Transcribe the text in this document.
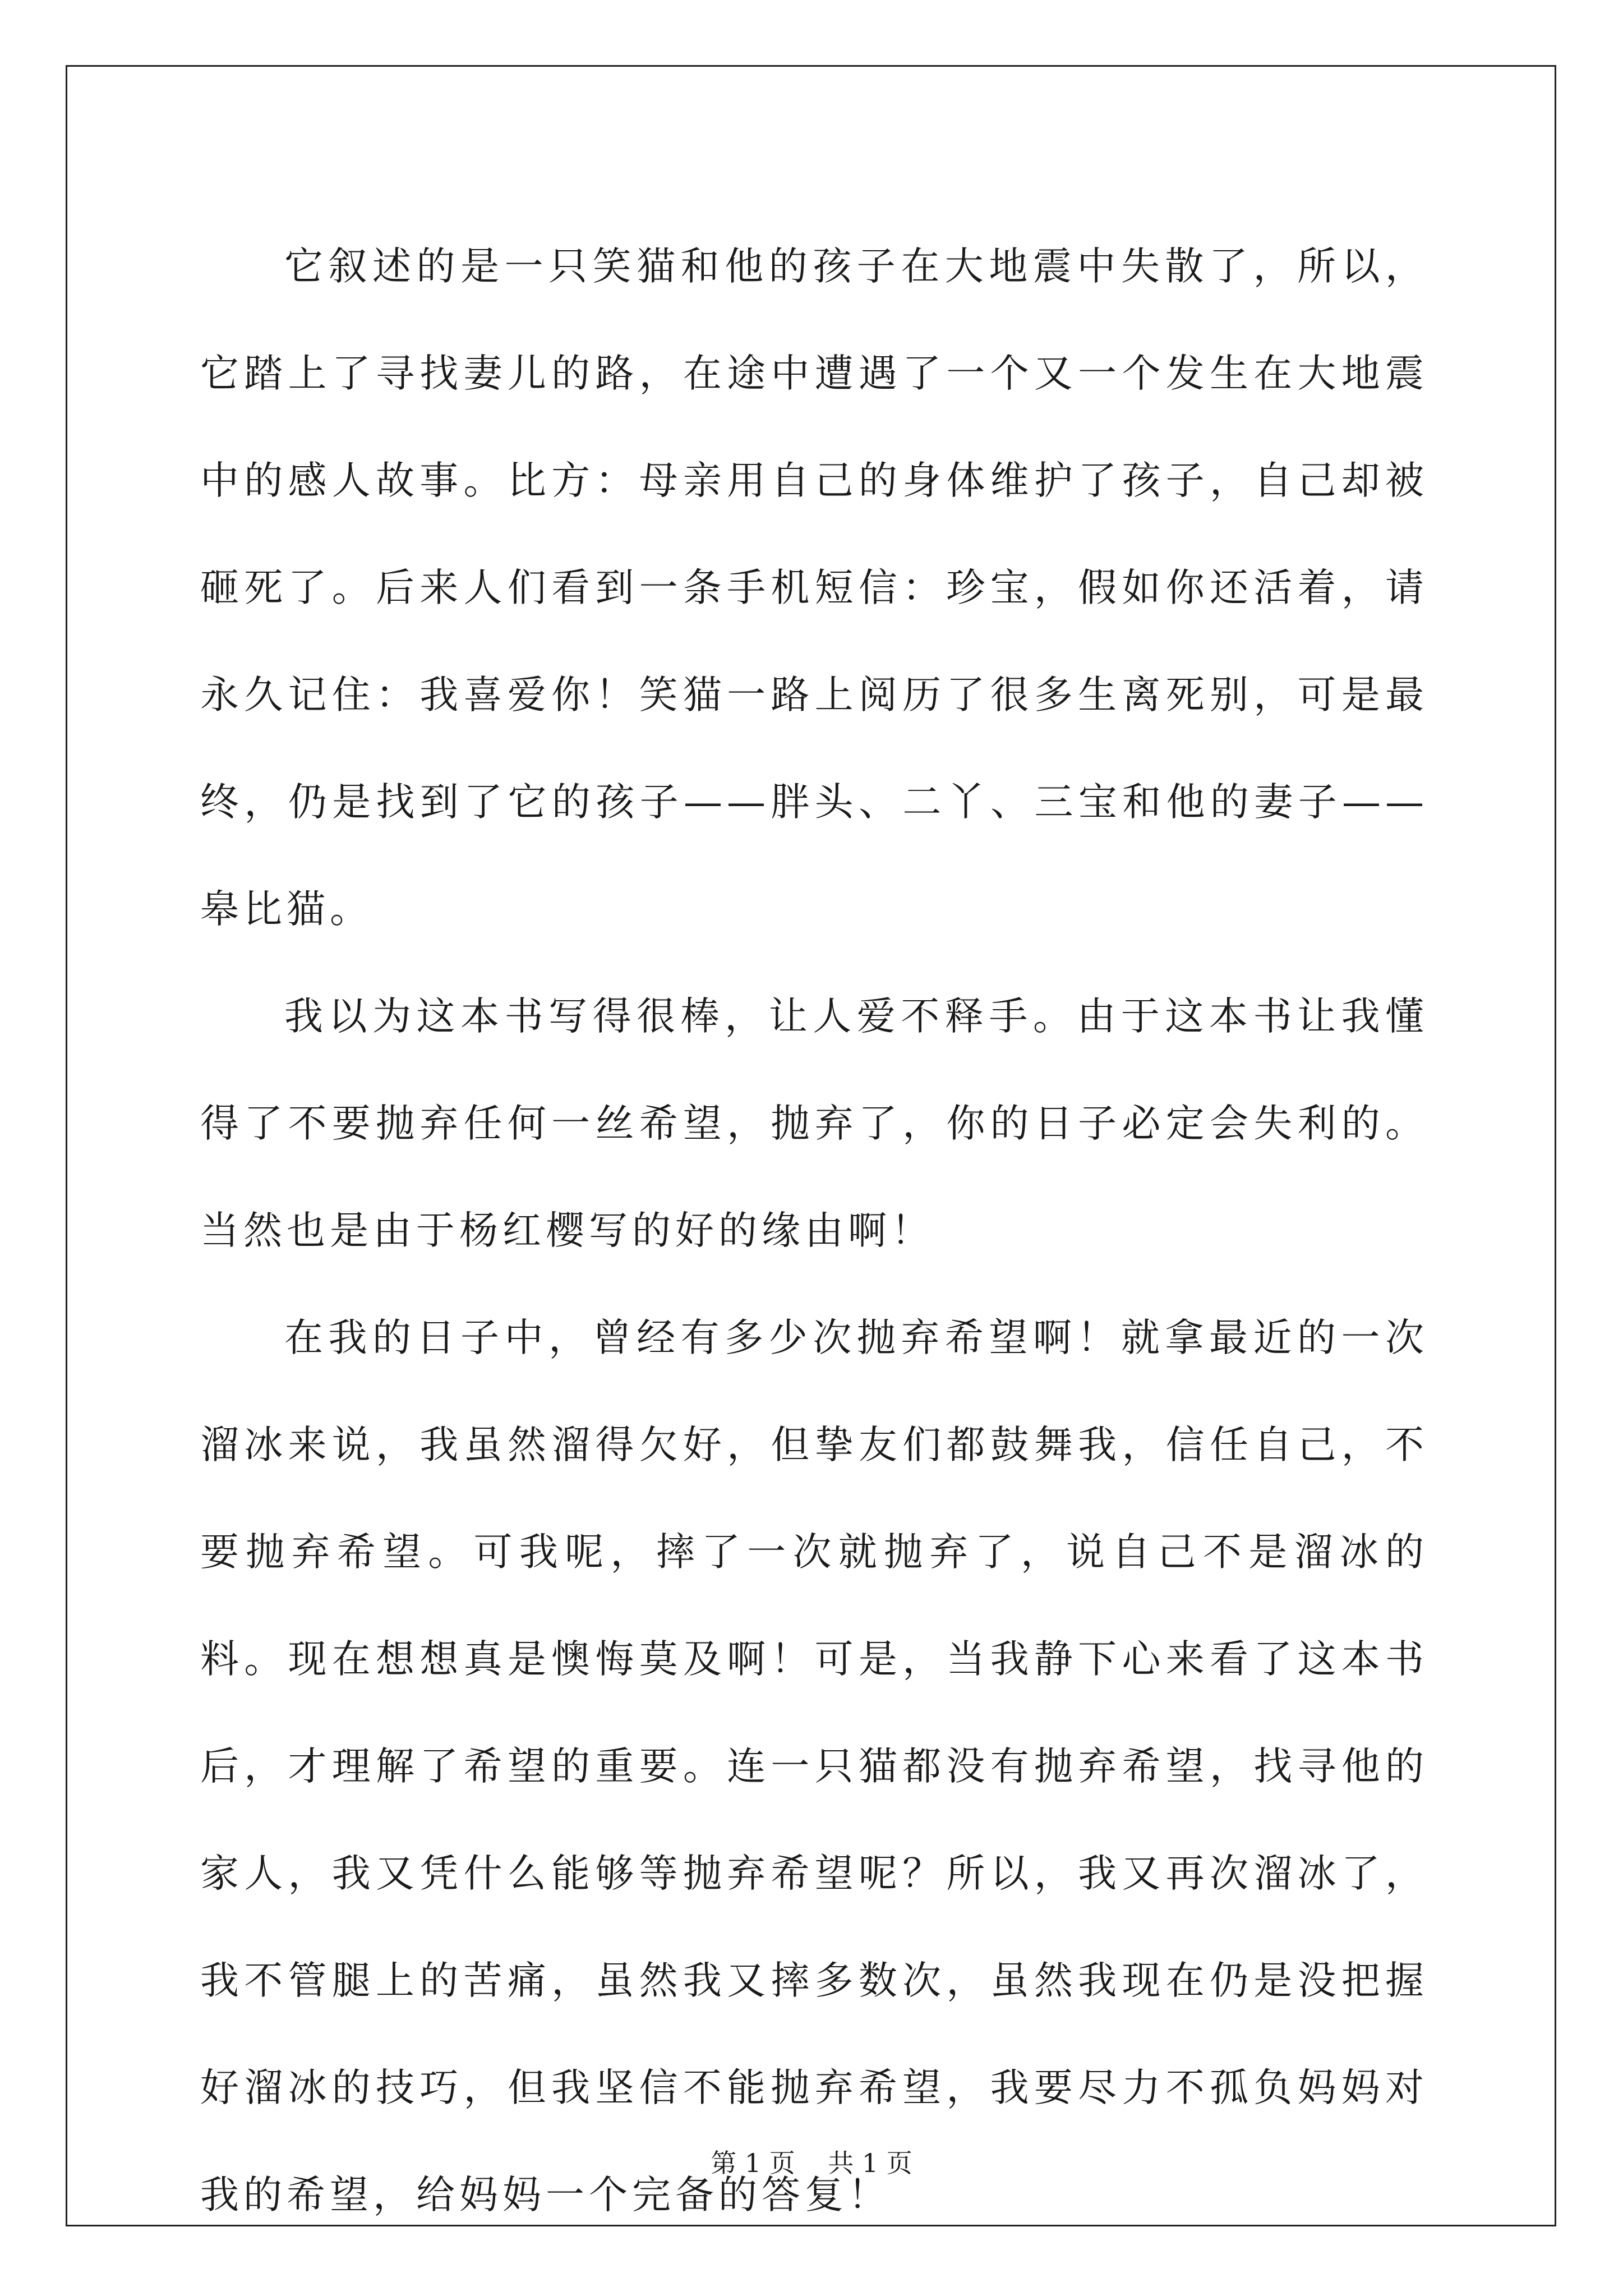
它叙述的是一只笑猫和他的孩子在大地震中失散了，所以，它踏上了寻找妻儿的路，在途中遭遇了一个又一个发生在大地震中的感人故事。比方：母亲用自己的身体维护了孩子，自己却被砸死了。后来人们看到一条手机短信：珍宝，假如你还活着，请永久记住：我喜爱你！笑猫一路上阅历了很多生离死别，可是最终，仍是找到了它的孩子——胖头、二丫、三宝和他的妻子——皋比猫。

我以为这本书写得很棒，让人爱不释手。由于这本书让我懂得了不要抛弃任何一丝希望，抛弃了，你的日子必定会失利的。当然也是由于杨红樱写的好的缘由啊！

在我的日子中，曾经有多少次抛弃希望啊！就拿最近的一次溜冰来说，我虽然溜得欠好，但挚友们都鼓舞我，信任自己，不要抛弃希望。可我呢，摔了一次就抛弃了，说自己不是溜冰的料。现在想想真是懊悔莫及啊！可是，当我静下心来看了这本书后，才理解了希望的重要。连一只猫都没有抛弃希望，找寻他的家人，我又凭什么能够等抛弃希望呢？所以，我又再次溜冰了，我不管腿上的苦痛，虽然我又摔多数次，虽然我现在仍是没把握好溜冰的技巧，但我坚信不能抛弃希望，我要尽力不孤负妈妈对我的希望，给妈妈一个完备的答复！

第 1 页    共 1 页
